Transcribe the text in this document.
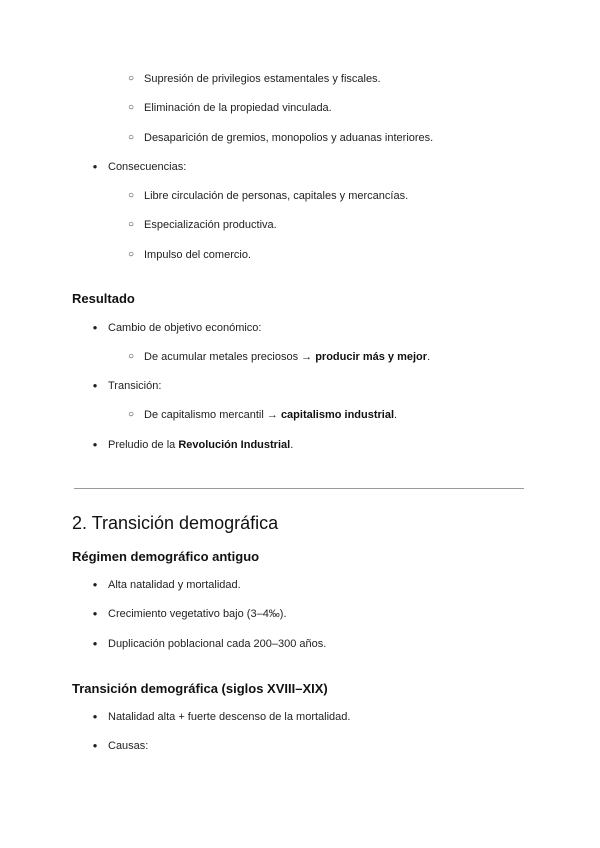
○ Supresión de privilegios estamentales y fiscales.
○ Eliminación de la propiedad vinculada.
○ Desaparición de gremios, monopolios y aduanas interiores.
● Consecuencias:
○ Libre circulación de personas, capitales y mercancías.
○ Especialización productiva.
○ Impulso del comercio.
Resultado
● Cambio de objetivo económico:
○ De acumular metales preciosos → producir más y mejor.
● Transición:
○ De capitalismo mercantil → capitalismo industrial.
● Preludio de la Revolución Industrial.
2. Transición demográfica
Régimen demográfico antiguo
● Alta natalidad y mortalidad.
● Crecimiento vegetativo bajo (3–4‰).
● Duplicación poblacional cada 200–300 años.
Transición demográfica (siglos XVIII–XIX)
● Natalidad alta + fuerte descenso de la mortalidad.
● Causas:
